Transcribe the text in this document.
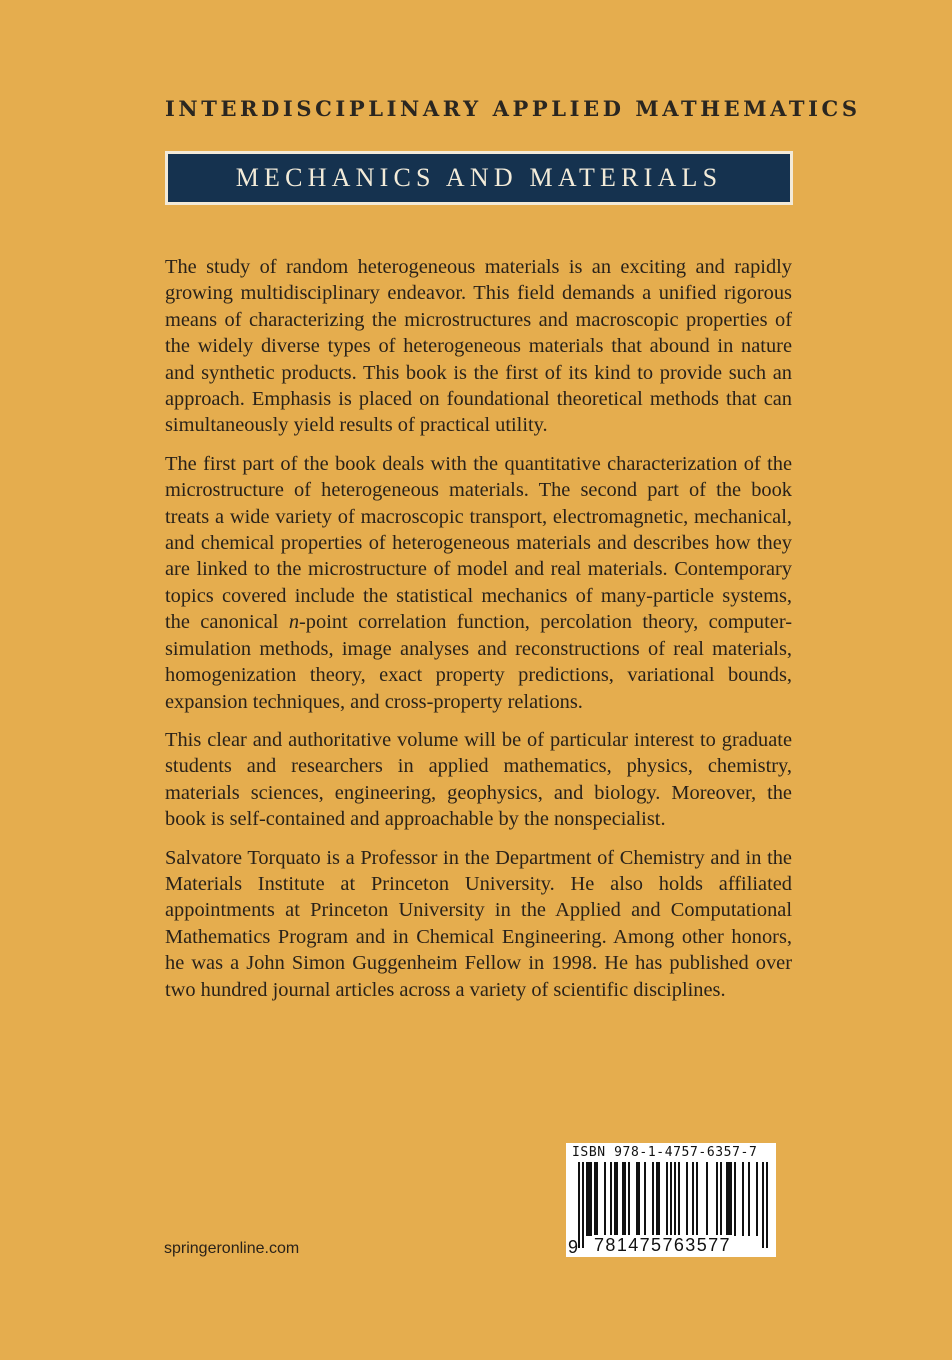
INTERDISCIPLINARY APPLIED MATHEMATICS
MECHANICS AND MATERIALS

The study of random heterogeneous materials is an exciting and rapidly growing multidisciplinary endeavor. This field demands a unified rigorous means of characterizing the microstructures and macroscopic properties of the widely diverse types of heterogeneous materials that abound in nature and synthetic products. This book is the first of its kind to provide such an approach. Emphasis is placed on foundational theoretical methods that can simultaneously yield results of practical utility.

The first part of the book deals with the quantitative characterization of the microstructure of heterogeneous materials. The second part of the book treats a wide variety of macroscopic transport, electromagnetic, mechanical, and chemical properties of heterogeneous materials and describes how they are linked to the microstructure of model and real materials. Contemporary topics covered include the statistical mechanics of many-particle systems, the canonical n-point correlation function, percolation theory, computer-simulation methods, image analyses and reconstructions of real materials, homogenization theory, exact property predictions, variational bounds, expansion techniques, and cross-property relations.

This clear and authoritative volume will be of particular interest to graduate students and researchers in applied mathematics, physics, chemistry, materials sciences, engineering, geophysics, and biology. Moreover, the book is self-contained and approachable by the nonspecialist.

Salvatore Torquato is a Professor in the Department of Chemistry and in the Materials Institute at Princeton University. He also holds affiliated appointments at Princeton University in the Applied and Computational Mathematics Program and in Chemical Engineering. Among other honors, he was a John Simon Guggenheim Fellow in 1998. He has published over two hundred journal articles across a variety of scientific disciplines.

springeronline.com
ISBN 978-1-4757-6357-7
9 781475763577
